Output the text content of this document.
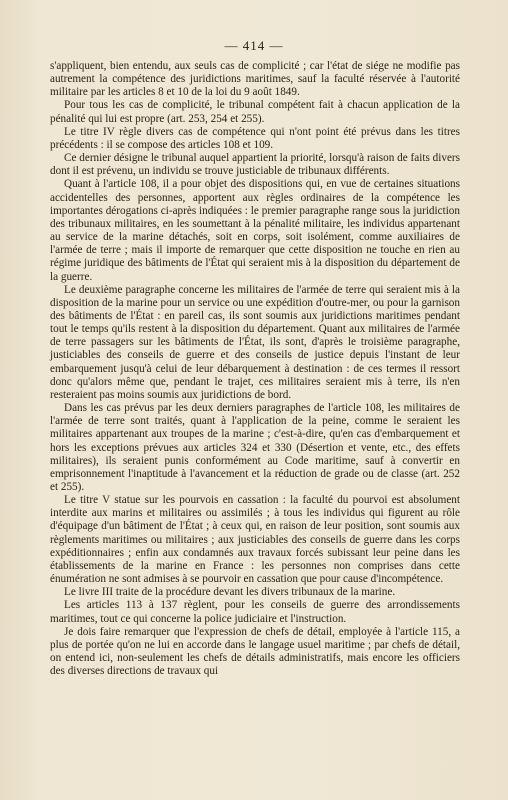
— 414 —

s'appliquent, bien entendu, aux seuls cas de complicité ; car l'état de siége ne modifie pas autrement la compétence des juridictions maritimes, sauf la faculté réservée à l'autorité militaire par les articles 8 et 10 de la loi du 9 août 1849.

Pour tous les cas de complicité, le tribunal compétent fait à chacun application de la pénalité qui lui est propre (art. 253, 254 et 255).

Le titre IV règle divers cas de compétence qui n'ont point été prévus dans les titres précédents : il se compose des articles 108 et 109.

Ce dernier désigne le tribunal auquel appartient la priorité, lorsqu'à raison de faits divers dont il est prévenu, un individu se trouve justiciable de tribunaux différents.

Quant à l'article 108, il a pour objet des dispositions qui, en vue de certaines situations accidentelles des personnes, apportent aux règles ordinaires de la compétence les importantes dérogations ci-après indiquées : le premier paragraphe range sous la juridiction des tribunaux militaires, en les soumettant à la pénalité militaire, les individus appartenant au service de la marine détachés, soit en corps, soit isolément, comme auxiliaires de l'armée de terre ; mais il importe de remarquer que cette disposition ne touche en rien au régime juridique des bâtiments de l'État qui seraient mis à la disposition du département de la guerre.

Le deuxième paragraphe concerne les militaires de l'armée de terre qui seraient mis à la disposition de la marine pour un service ou une expédition d'outre-mer, ou pour la garnison des bâtiments de l'État : en pareil cas, ils sont soumis aux juridictions maritimes pendant tout le temps qu'ils restent à la disposition du département. Quant aux militaires de l'armée de terre passagers sur les bâtiments de l'État, ils sont, d'après le troisième paragraphe, justiciables des conseils de guerre et des conseils de justice depuis l'instant de leur embarquement jusqu'à celui de leur débarquement à destination : de ces termes il ressort donc qu'alors même que, pendant le trajet, ces militaires seraient mis à terre, ils n'en resteraient pas moins soumis aux juridictions de bord.

Dans les cas prévus par les deux derniers paragraphes de l'article 108, les militaires de l'armée de terre sont traités, quant à l'application de la peine, comme le seraient les militaires appartenant aux troupes de la marine ; c'est-à-dire, qu'en cas d'embarquement et hors les exceptions prévues aux articles 324 et 330 (Désertion et vente, etc., des effets militaires), ils seraient punis conformément au Code maritime, sauf à convertir en emprisonnement l'inaptitude à l'avancement et la réduction de grade ou de classe (art. 252 et 255).

Le titre V statue sur les pourvois en cassation : la faculté du pourvoi est absolument interdite aux marins et militaires ou assimilés ; à tous les individus qui figurent au rôle d'équipage d'un bâtiment de l'État ; à ceux qui, en raison de leur position, sont soumis aux règlements maritimes ou militaires ; aux justiciables des conseils de guerre dans les corps expéditionnaires ; enfin aux condamnés aux travaux forcés subissant leur peine dans les établissements de la marine en France : les personnes non comprises dans cette énumération ne sont admises à se pourvoir en cassation que pour cause d'incompétence.

Le livre III traite de la procédure devant les divers tribunaux de la marine.

Les articles 113 à 137 règlent, pour les conseils de guerre des arrondissements maritimes, tout ce qui concerne la police judiciaire et l'instruction.

Je dois faire remarquer que l'expression de chefs de détail, employée à l'article 115, a plus de portée qu'on ne lui en accorde dans le langage usuel maritime ; par chefs de détail, on entend ici, non-seulement les chefs de détails administratifs, mais encore les officiers des diverses directions de travaux qui
